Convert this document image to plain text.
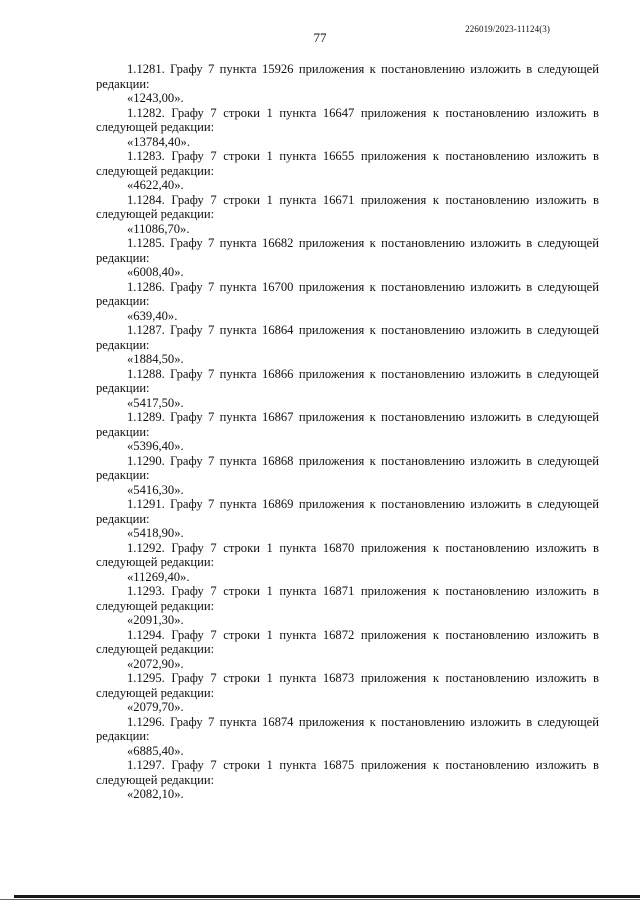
226019/2023-11124(3)
77

1.1281. Графу 7 пункта 15926 приложения к постановлению изложить в следующей редакции:

«1243,00».

1.1282. Графу 7 строки 1 пункта 16647 приложения к постановлению изложить в следующей редакции:

«13784,40».

1.1283. Графу 7 строки 1 пункта 16655 приложения к постановлению изложить в следующей редакции:

«4622,40».

1.1284. Графу 7 строки 1 пункта 16671 приложения к постановлению изложить в следующей редакции:

«11086,70».

1.1285. Графу 7 пункта 16682 приложения к постановлению изложить в следующей редакции:

«6008,40».

1.1286. Графу 7 пункта 16700 приложения к постановлению изложить в следующей редакции:

«639,40».

1.1287. Графу 7 пункта 16864 приложения к постановлению изложить в следующей редакции:

«1884,50».

1.1288. Графу 7 пункта 16866 приложения к постановлению изложить в следующей редакции:

«5417,50».

1.1289. Графу 7 пункта 16867 приложения к постановлению изложить в следующей редакции:

«5396,40».

1.1290. Графу 7 пункта 16868 приложения к постановлению изложить в следующей редакции:

«5416,30».

1.1291. Графу 7 пункта 16869 приложения к постановлению изложить в следующей редакции:

«5418,90».

1.1292. Графу 7 строки 1 пункта 16870 приложения к постановлению изложить в следующей редакции:

«11269,40».

1.1293. Графу 7 строки 1 пункта 16871 приложения к постановлению изложить в следующей редакции:

«2091,30».

1.1294. Графу 7 строки 1 пункта 16872 приложения к постановлению изложить в следующей редакции:

«2072,90».

1.1295. Графу 7 строки 1 пункта 16873 приложения к постановлению изложить в следующей редакции:

«2079,70».

1.1296. Графу 7 пункта 16874 приложения к постановлению изложить в следующей редакции:

«6885,40».

1.1297. Графу 7 строки 1 пункта 16875 приложения к постановлению изложить в следующей редакции:

«2082,10».
